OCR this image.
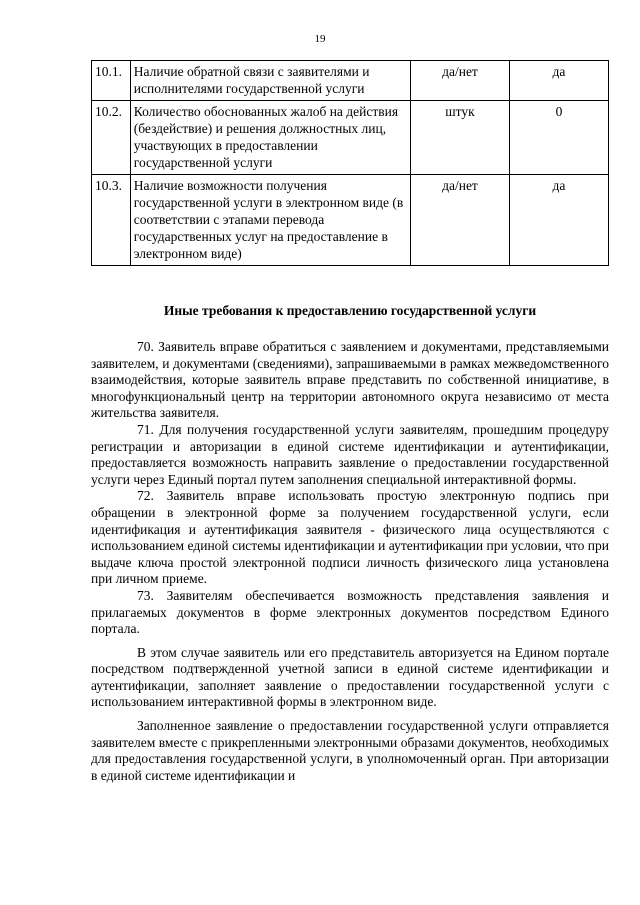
19
10.1.	Наличие обратной связи с заявителями и исполнителями государственной услуги	да/нет	да
10.2.	Количество обоснованных жалоб на действия (бездействие) и решения должностных лиц, участвующих в предоставлении государственной услуги	штук	0
10.3.	Наличие возможности получения государственной услуги в электронном виде (в соответствии с этапами перевода государственных услуг на предоставление в электронном виде)	да/нет	да
Иные требования к предоставлению государственной услуги

70. Заявитель вправе обратиться с заявлением и документами, представляемыми заявителем, и документами (сведениями), запрашиваемыми в рамках межведомственного взаимодействия, которые заявитель вправе представить по собственной инициативе, в многофункциональный центр на территории автономного округа независимо от места жительства заявителя.

71. Для получения государственной услуги заявителям, прошедшим процедуру регистрации и авторизации в единой системе идентификации и аутентификации, предоставляется возможность направить заявление о предоставлении государственной услуги через Единый портал путем заполнения специальной интерактивной формы.

72. Заявитель вправе использовать простую электронную подпись при обращении в электронной форме за получением государственной услуги, если идентификация и аутентификация заявителя - физического лица осуществляются с использованием единой системы идентификации и аутентификации при условии, что при выдаче ключа простой электронной подписи личность физического лица установлена при личном приеме.

73. Заявителям обеспечивается возможность представления заявления и прилагаемых документов в форме электронных документов посредством Единого портала.

В этом случае заявитель или его представитель авторизуется на Едином портале посредством подтвержденной учетной записи в единой системе идентификации и аутентификации, заполняет заявление о предоставлении государственной услуги с использованием интерактивной формы в электронном виде.

Заполненное заявление о предоставлении государственной услуги отправляется заявителем вместе с прикрепленными электронными образами документов, необходимых для предоставления государственной услуги, в уполномоченный орган. При авторизации в единой системе идентификации и
